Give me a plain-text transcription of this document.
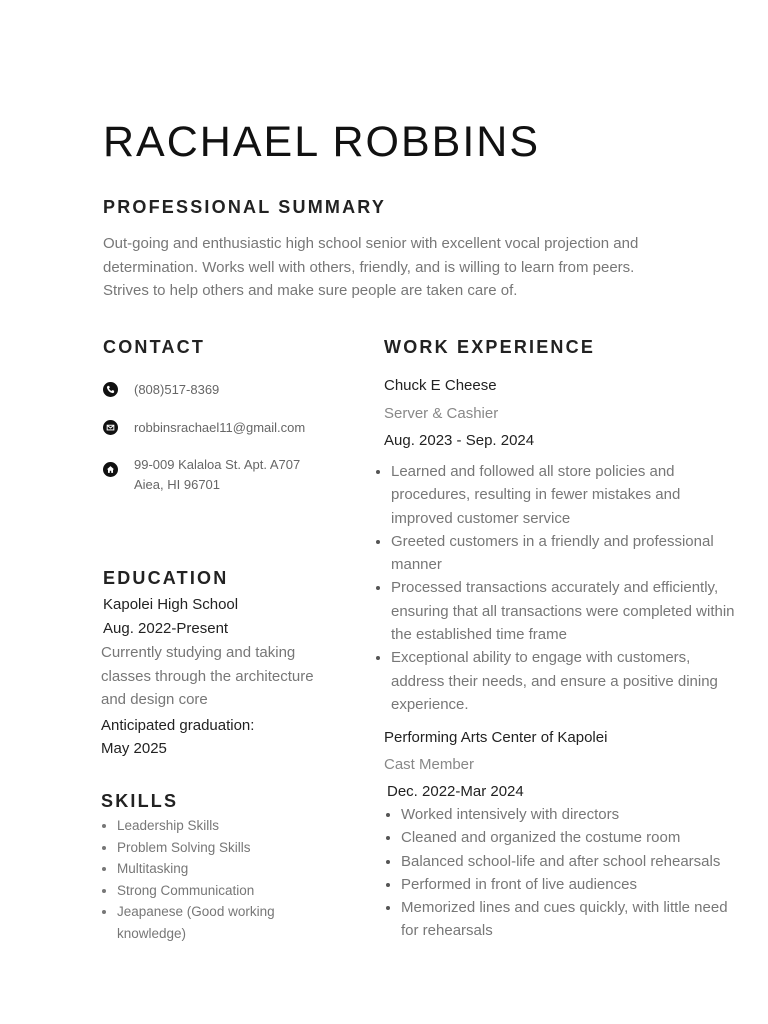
RACHAEL ROBBINS
PROFESSIONAL SUMMARY

Out-going and enthusiastic high school senior with excellent vocal projection and determination. Works well with others, friendly, and is willing to learn from peers. Strives to help others and make sure people are taken care of.

CONTACT
(808)517-8369
robbinsrachael11@gmail.com
99-009 Kalaloa St. Apt. A707
Aiea, HI 96701
EDUCATION
Kapolei High School
Aug. 2022-Present
Currently studying and taking classes through the architecture and design core
Anticipated graduation:
May 2025
SKILLS
• Leadership Skills
• Problem Solving Skills
• Multitasking
• Strong Communication
• Jeapanese (Good working knowledge)
WORK EXPERIENCE
Chuck E Cheese
Server & Cashier
Aug. 2023 - Sep. 2024
• Learned and followed all store policies and procedures, resulting in fewer mistakes and improved customer service
• Greeted customers in a friendly and professional manner
• Processed transactions accurately and efficiently, ensuring that all transactions were completed within the established time frame
• Exceptional ability to engage with customers, address their needs, and ensure a positive dining experience.
Performing Arts Center of Kapolei
Cast Member
Dec. 2022-Mar 2024
• Worked intensively with directors
• Cleaned and organized the costume room
• Balanced school-life and after school rehearsals
• Performed in front of live audiences
• Memorized lines and cues quickly, with little need for rehearsals
